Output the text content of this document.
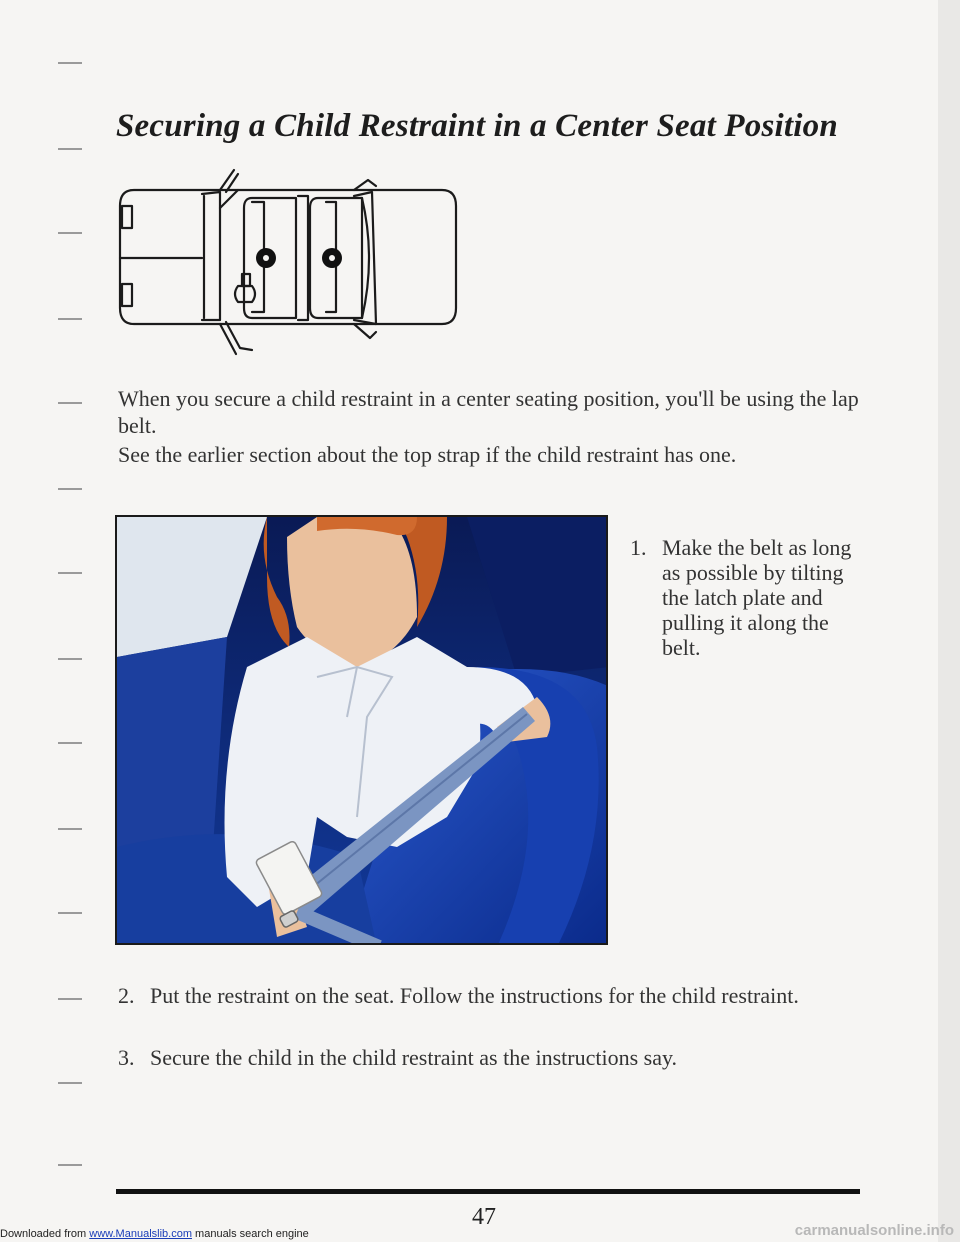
Securing a Child Restraint in a Center Seat Position

When you secure a child restraint in a center seating position, you'll be using the lap belt.

See the earlier section about the top strap if the child restraint has one.

1. Make the belt as long as possible by tilting the latch plate and pulling it along the belt.
2. Put the restraint on the seat. Follow the instructions for the child restraint.
3. Secure the child in the child restraint as the instructions say.
47
Downloaded from www.Manualslib.com manuals search engine	carmanualsonline.info
